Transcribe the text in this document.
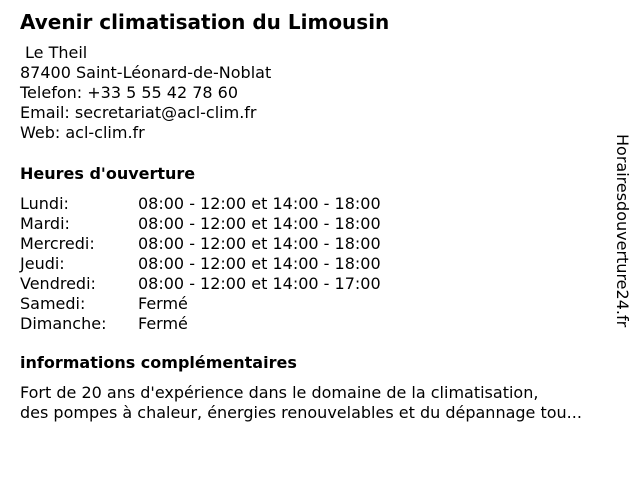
Avenir climatisation du Limousin
Le Theil
87400 Saint-Léonard-de-Noblat
Telefon: +33 5 55 42 78 60
Email: secretariat@acl-clim.fr
Web: acl-clim.fr
Heures d'ouverture
Lundi:	08:00 - 12:00 et 14:00 - 18:00
Mardi:	08:00 - 12:00 et 14:00 - 18:00
Mercredi:	08:00 - 12:00 et 14:00 - 18:00
Jeudi:	08:00 - 12:00 et 14:00 - 18:00
Vendredi:	08:00 - 12:00 et 14:00 - 17:00
Samedi:	Fermé
Dimanche:	Fermé
informations complémentaires
Fort de 20 ans d'expérience dans le domaine de la climatisation,
des pompes à chaleur, énergies renouvelables et du dépannage tou...
Horairesdouverture24.fr
